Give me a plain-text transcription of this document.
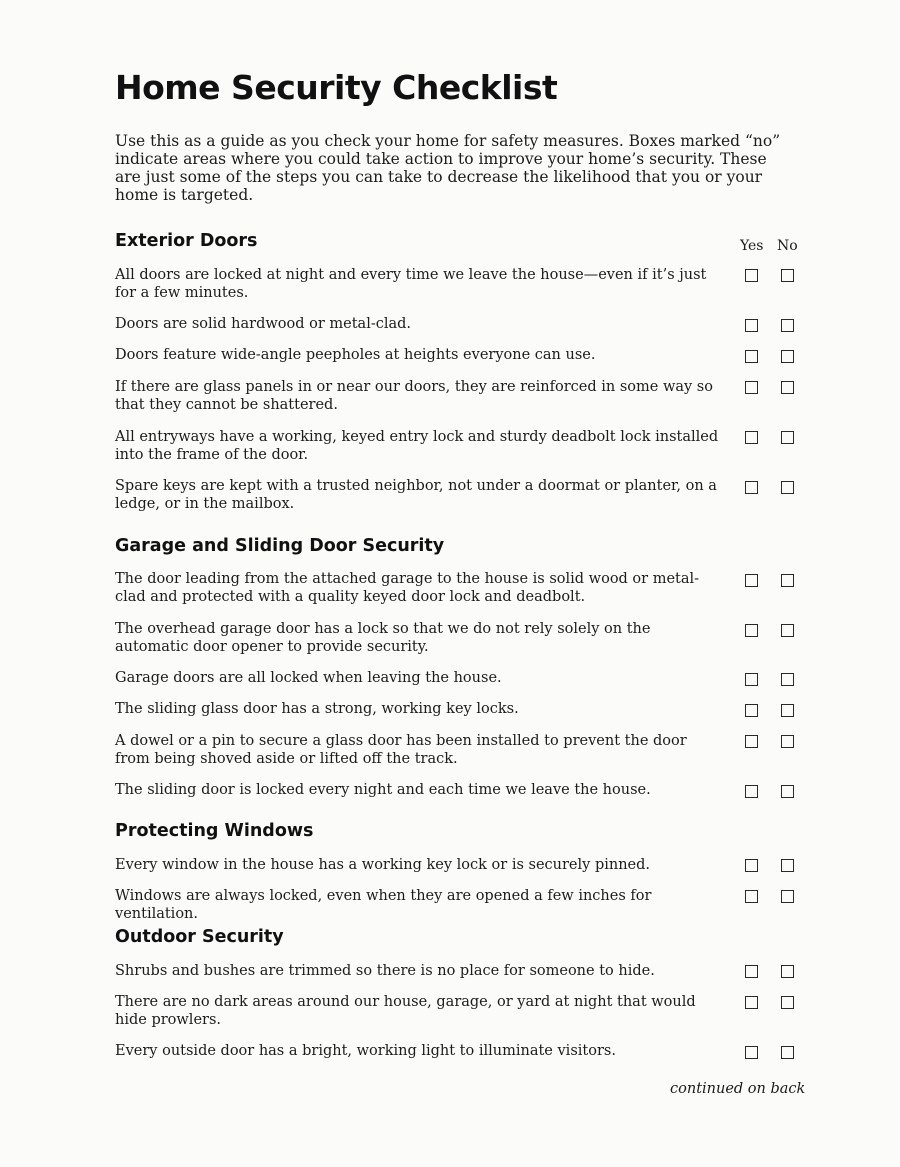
Home Security Checklist

Use this as a guide as you check your home for safety measures. Boxes marked “no” indicate areas where you could take action to improve your home’s security. These are just some of the steps you can take to decrease the likelihood that you or your home is targeted.

Yes No
Exterior Doors
All doors are locked at night and every time we leave the house—even if it’s just for a few minutes.
Doors are solid hardwood or metal-clad.
Doors feature wide-angle peepholes at heights everyone can use.
If there are glass panels in or near our doors, they are reinforced in some way so that they cannot be shattered.
All entryways have a working, keyed entry lock and sturdy deadbolt lock installed into the frame of the door.
Spare keys are kept with a trusted neighbor, not under a doormat or planter, on a ledge, or in the mailbox.
Garage and Sliding Door Security
The door leading from the attached garage to the house is solid wood or metal-clad and protected with a quality keyed door lock and deadbolt.
The overhead garage door has a lock so that we do not rely solely on the automatic door opener to provide security.
Garage doors are all locked when leaving the house.
The sliding glass door has a strong, working key locks.
A dowel or a pin to secure a glass door has been installed to prevent the door from being shoved aside or lifted off the track.
The sliding door is locked every night and each time we leave the house.
Protecting Windows
Every window in the house has a working key lock or is securely pinned.
Windows are always locked, even when they are opened a few inches for ventilation.
Outdoor Security
Shrubs and bushes are trimmed so there is no place for someone to hide.
There are no dark areas around our house, garage, or yard at night that would hide prowlers.
Every outside door has a bright, working light to illuminate visitors.
continued on back
